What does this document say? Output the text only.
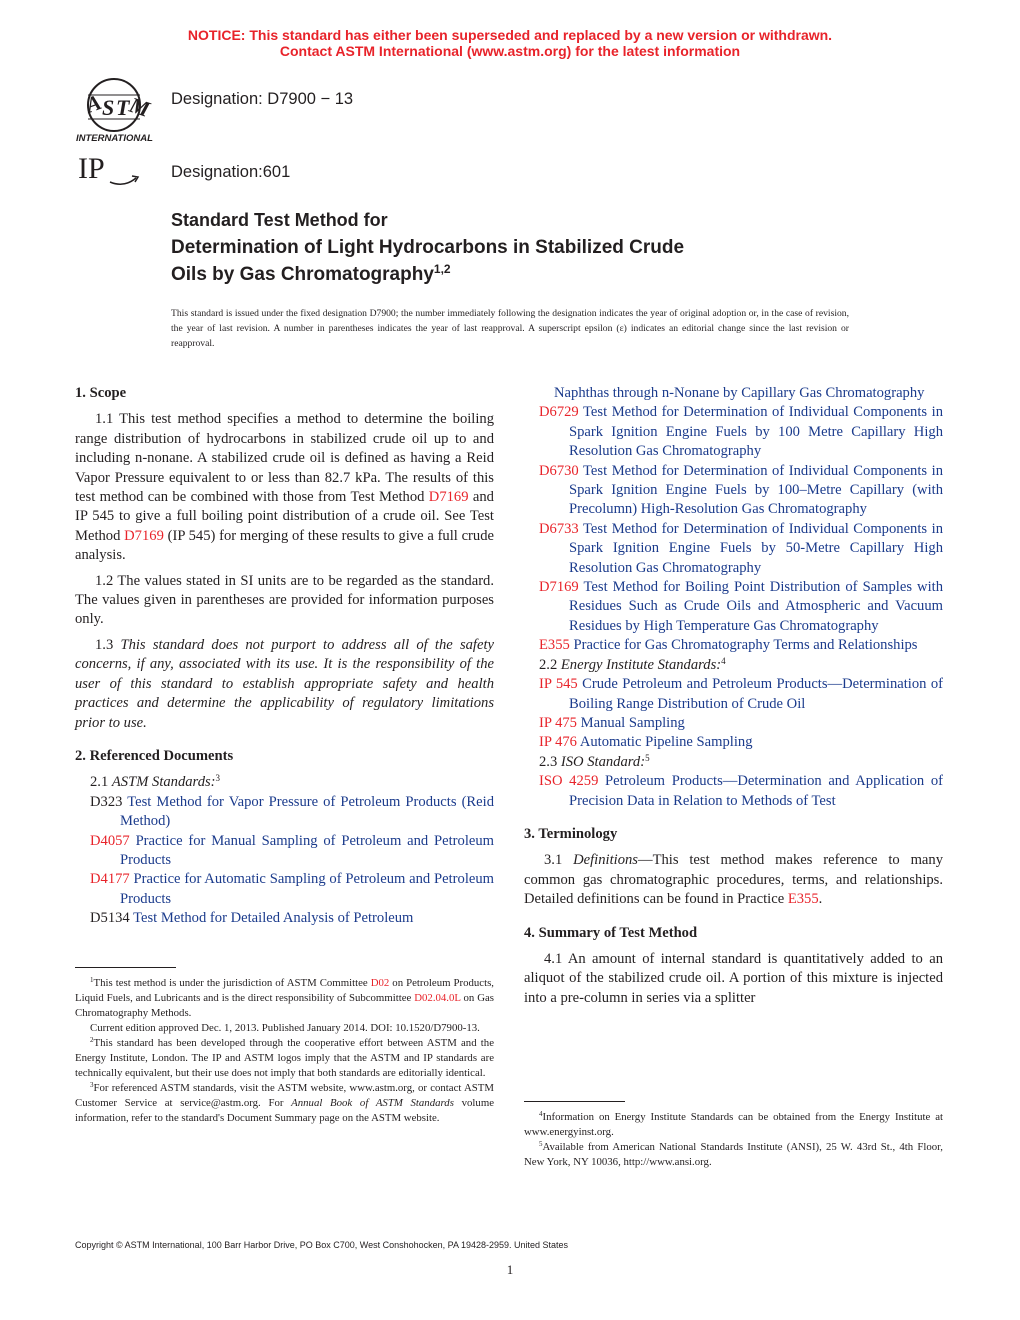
NOTICE: This standard has either been superseded and replaced by a new version or withdrawn.
Contact ASTM International (www.astm.org) for the latest information
A
S T
M
INTERNATIONAL
Designation: D7900 − 13
IP	Designation:601
Standard Test Method for
Determination of Light Hydrocarbons in Stabilized Crude
Oils by Gas Chromatography$^{1,2}$
This standard is issued under the fixed designation D7900; the number immediately following the designation indicates the year of original adoption or, in the case of revision, the year of last revision. A number in parentheses indicates the year of last reapproval. A superscript epsilon (ε) indicates an editorial change since the last revision or reapproval.
1. Scope

1.1 This test method specifies a method to determine the boiling range distribution of hydrocarbons in stabilized crude oil up to and including n-nonane. A stabilized crude oil is defined as having a Reid Vapor Pressure equivalent to or less than 82.7 kPa. The results of this test method can be combined with those from Test Method D7169 and IP 545 to give a full boiling point distribution of a crude oil. See Test Method D7169 (IP 545) for merging of these results to give a full crude analysis.

1.2 The values stated in SI units are to be regarded as the standard. The values given in parentheses are provided for information purposes only.

1.3 This standard does not purport to address all of the safety concerns, if any, associated with its use. It is the responsibility of the user of this standard to establish appropriate safety and health practices and determine the applicability of regulatory limitations prior to use.

2. Referenced Documents

2.1 ASTM Standards:$^3$

D323 Test Method for Vapor Pressure of Petroleum Products (Reid Method)

D4057 Practice for Manual Sampling of Petroleum and Petroleum Products

D4177 Practice for Automatic Sampling of Petroleum and Petroleum Products

D5134 Test Method for Detailed Analysis of Petroleum

Naphthas through n-Nonane by Capillary Gas Chromatography

D6729 Test Method for Determination of Individual Components in Spark Ignition Engine Fuels by 100 Metre Capillary High Resolution Gas Chromatography

D6730 Test Method for Determination of Individual Components in Spark Ignition Engine Fuels by 100–Metre Capillary (with Precolumn) High-Resolution Gas Chromatography

D6733 Test Method for Determination of Individual Components in Spark Ignition Engine Fuels by 50-Metre Capillary High Resolution Gas Chromatography

D7169 Test Method for Boiling Point Distribution of Samples with Residues Such as Crude Oils and Atmospheric and Vacuum Residues by High Temperature Gas Chromatography

E355 Practice for Gas Chromatography Terms and Relationships

2.2 Energy Institute Standards:$^4$

IP 545 Crude Petroleum and Petroleum Products—Determination of Boiling Range Distribution of Crude Oil

IP 475 Manual Sampling

IP 476 Automatic Pipeline Sampling

2.3 ISO Standard:$^5$

ISO 4259 Petroleum Products—Determination and Application of Precision Data in Relation to Methods of Test

3. Terminology

3.1 Definitions—This test method makes reference to many common gas chromatographic procedures, terms, and relationships. Detailed definitions can be found in Practice E355.

4. Summary of Test Method

4.1 An amount of internal standard is quantitatively added to an aliquot of the stabilized crude oil. A portion of this mixture is injected into a pre-column in series via a splitter

$^1$This test method is under the jurisdiction of ASTM Committee D02 on Petroleum Products, Liquid Fuels, and Lubricants and is the direct responsibility of Subcommittee D02.04.0L on Gas Chromatography Methods.

Current edition approved Dec. 1, 2013. Published January 2014. DOI: 10.1520/D7900-13.

$^2$This standard has been developed through the cooperative effort between ASTM and the Energy Institute, London. The IP and ASTM logos imply that the ASTM and IP standards are technically equivalent, but their use does not imply that both standards are editorially identical.

$^3$For referenced ASTM standards, visit the ASTM website, www.astm.org, or contact ASTM Customer Service at service@astm.org. For Annual Book of ASTM Standards volume information, refer to the standard's Document Summary page on the ASTM website.	$^4$Information on Energy Institute Standards can be obtained from the Energy Institute at www.energyinst.org.

$^5$Available from American National Standards Institute (ANSI), 25 W. 43rd St., 4th Floor, New York, NY 10036, http://www.ansi.org.

Copyright © ASTM International, 100 Barr Harbor Drive, PO Box C700, West Conshohocken, PA 19428-2959. United States
1
